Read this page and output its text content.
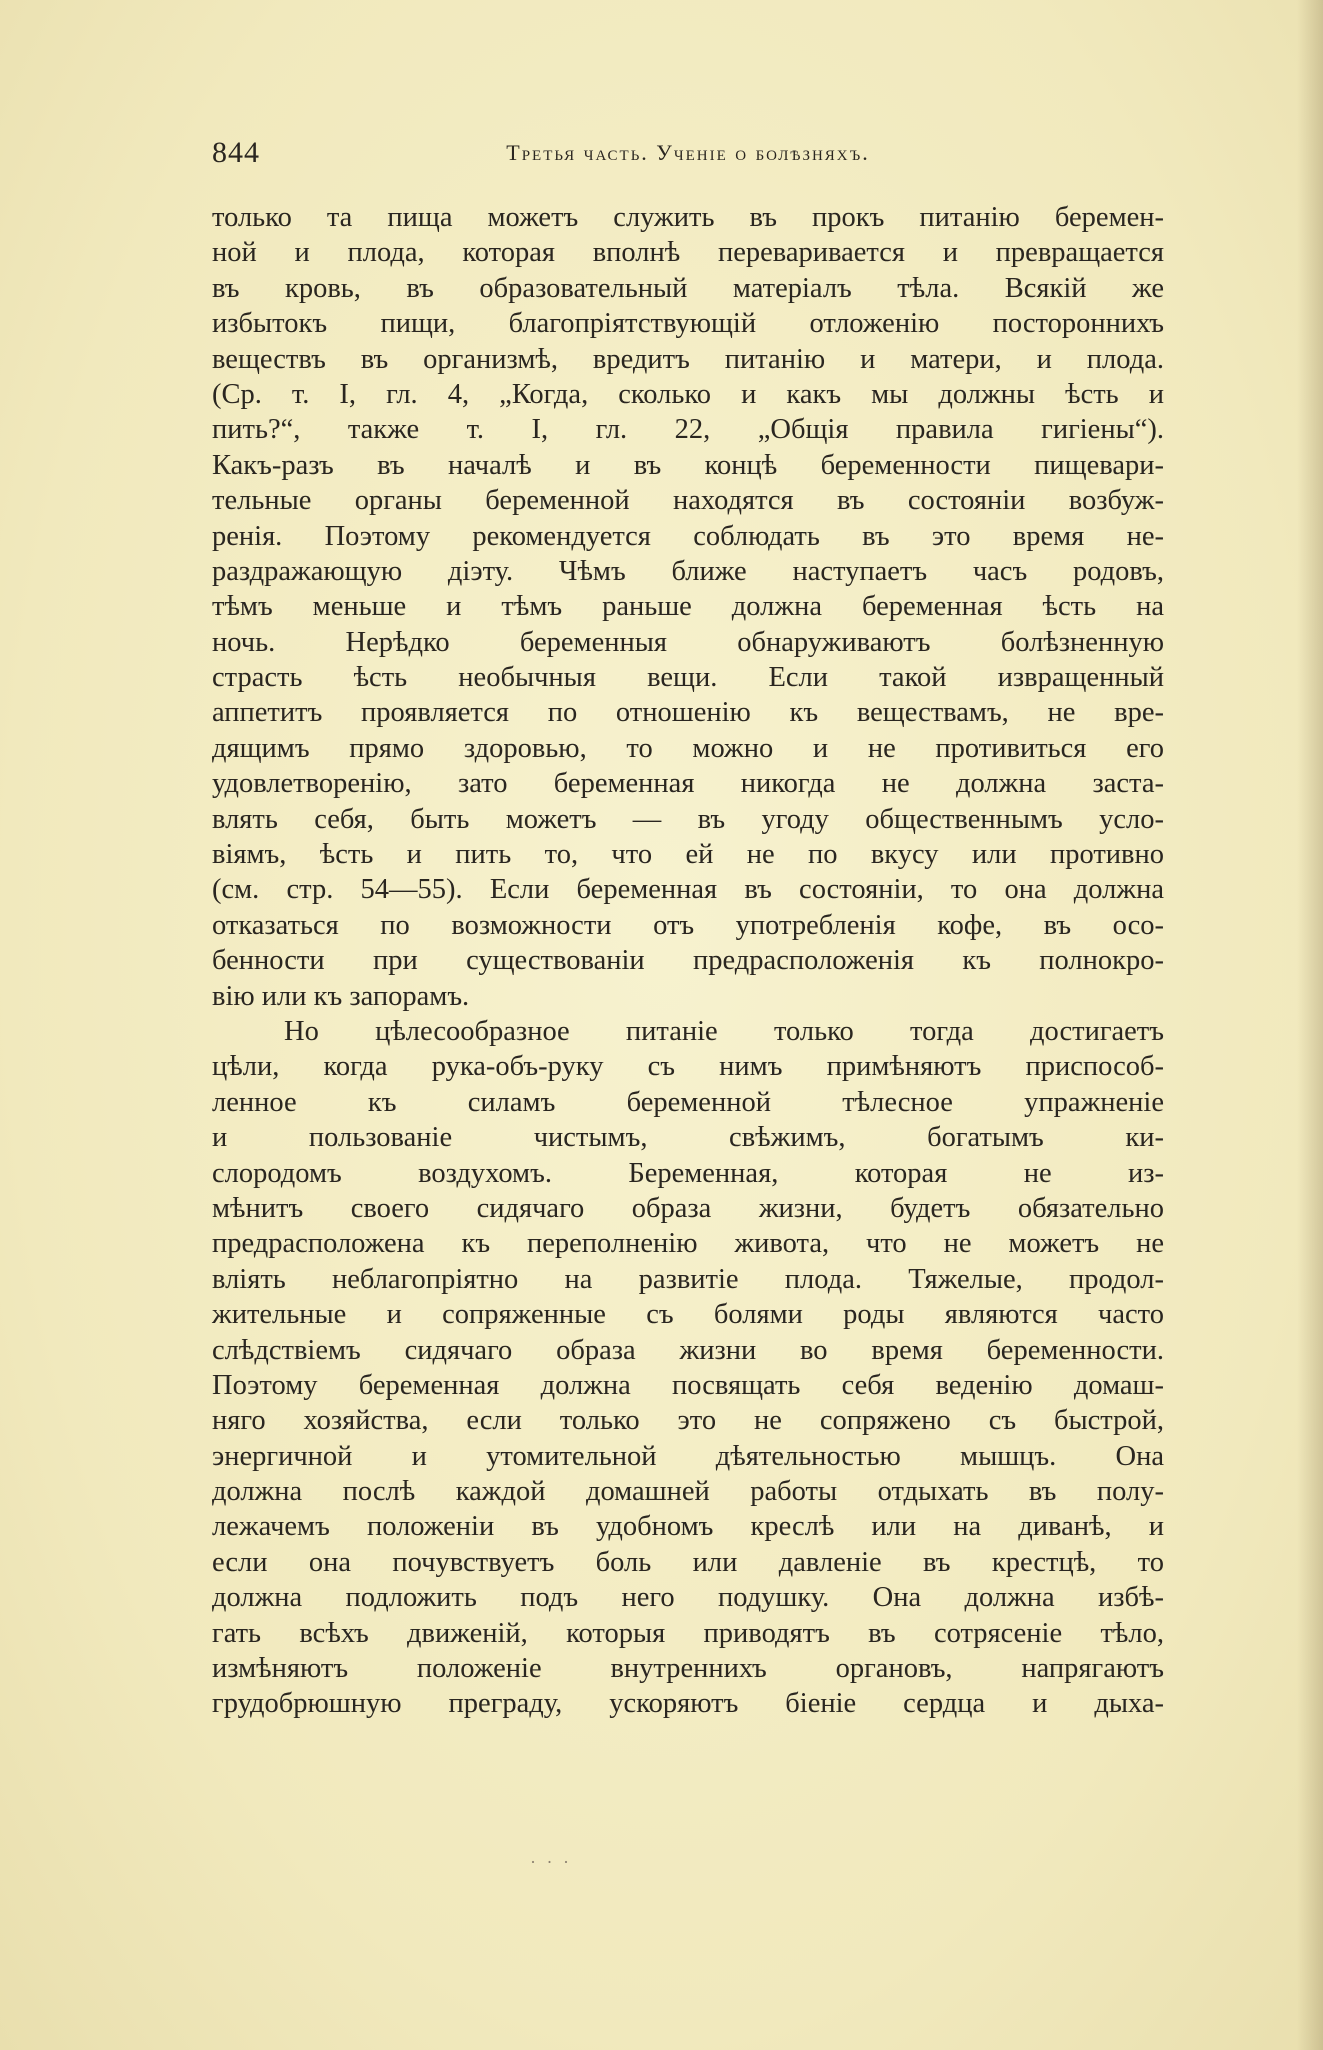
844	Третья часть. Ученіе о болѣзняхъ.
только та пища можетъ служить въ прокъ питанію беремен-
ной и плода, которая вполнѣ переваривается и превращается
въ кровь, въ образовательный матеріалъ тѣла. Всякій же
избытокъ пищи, благопріятствующій отложенію постороннихъ
веществъ въ организмѣ, вредитъ питанію и матери, и плода.
(Ср. т. I, гл. 4, „Когда, сколько и какъ мы должны ѣсть и
пить?“, также т. I, гл. 22, „Общія правила гигіены“).
Какъ-разъ въ началѣ и въ концѣ беременности пищевари-
тельные органы беременной находятся въ состояніи возбуж-
ренія. Поэтому рекомендуется соблюдать въ это время не-
раздражающую діэту. Чѣмъ ближе наступаетъ часъ родовъ,
тѣмъ меньше и тѣмъ раньше должна беременная ѣсть на
ночь. Нерѣдко беременныя обнаруживаютъ болѣзненную
страсть ѣсть необычныя вещи. Если такой извращенный
аппетитъ проявляется по отношенію къ веществамъ, не вре-
дящимъ прямо здоровью, то можно и не противиться его
удовлетворенію, зато беременная никогда не должна заста-
влять себя, быть можетъ — въ угоду общественнымъ усло-
віямъ, ѣсть и пить то, что ей не по вкусу или противно
(см. стр. 54—55). Если беременная въ состояніи, то она должна
отказаться по возможности отъ употребленія кофе, въ осо-
бенности при существованіи предрасположенія къ полнокро-
вію или къ запорамъ.
Но цѣлесообразное питаніе только тогда достигаетъ
цѣли, когда рука-объ-руку съ нимъ примѣняютъ приспособ-
ленное къ силамъ беременной тѣлесное упражненіе
и пользованіе чистымъ, свѣжимъ, богатымъ ки-
слородомъ воздухомъ. Беременная, которая не из-
мѣнитъ своего сидячаго образа жизни, будетъ обязательно
предрасположена къ переполненію живота, что не можетъ не
вліять неблагопріятно на развитіе плода. Тяжелые, продол-
жительные и сопряженные съ болями роды являются часто
слѣдствіемъ сидячаго образа жизни во время беременности.
Поэтому беременная должна посвящать себя веденію домаш-
няго хозяйства, если только это не сопряжено съ быстрой,
энергичной и утомительной дѣятельностью мышцъ. Она
должна послѣ каждой домашней работы отдыхать въ полу-
лежачемъ положеніи въ удобномъ креслѣ или на диванѣ, и
если она почувствуетъ боль или давленіе въ крестцѣ, то
должна подложить подъ него подушку. Она должна избѣ-
гать всѣхъ движеній, которыя приводятъ въ сотрясеніе тѣло,
измѣняютъ положеніе внутреннихъ органовъ, напрягаютъ
грудобрюшную преграду, ускоряютъ біеніе сердца и дыха-
· · ·
